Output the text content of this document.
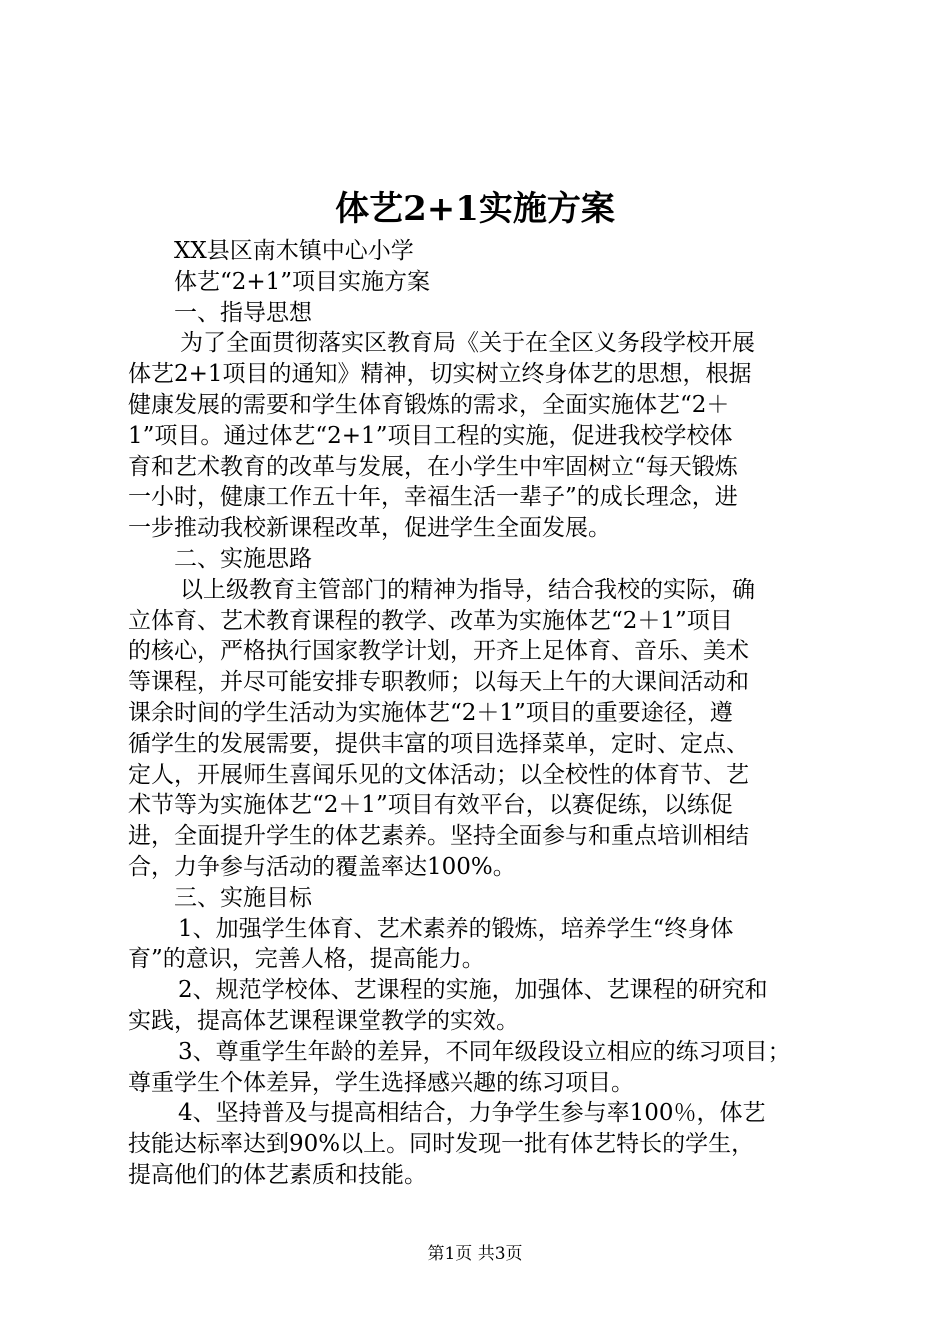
体艺2+1实施方案
XX县区南木镇中心小学
体艺“2+1”项目实施方案
一、指导思想
为了全面贯彻落实区教育局《关于在全区义务段学校开展
体艺2+1项目的通知》精神，切实树立终身体艺的思想，根据
健康发展的需要和学生体育锻炼的需求，全面实施体艺“2＋
1”项目。通过体艺“2+1”项目工程的实施，促进我校学校体
育和艺术教育的改革与发展，在小学生中牢固树立“每天锻炼
一小时，健康工作五十年，幸福生活一辈子”的成长理念，进
一步推动我校新课程改革，促进学生全面发展。
二、实施思路
以上级教育主管部门的精神为指导，结合我校的实际，确
立体育、艺术教育课程的教学、改革为实施体艺“2＋1”项目
的核心，严格执行国家教学计划，开齐上足体育、音乐、美术
等课程，并尽可能安排专职教师；以每天上午的大课间活动和
课余时间的学生活动为实施体艺“2＋1”项目的重要途径，遵
循学生的发展需要，提供丰富的项目选择菜单，定时、定点、
定人，开展师生喜闻乐见的文体活动；以全校性的体育节、艺
术节等为实施体艺“2＋1”项目有效平台，以赛促练，以练促
进，全面提升学生的体艺素养。坚持全面参与和重点培训相结
合，力争参与活动的覆盖率达100%。
三、实施目标
1、加强学生体育、艺术素养的锻炼，培养学生“终身体
育”的意识，完善人格，提高能力。
2、规范学校体、艺课程的实施，加强体、艺课程的研究和
实践，提高体艺课程课堂教学的实效。
3、尊重学生年龄的差异，不同年级段设立相应的练习项目；
尊重学生个体差异，学生选择感兴趣的练习项目。
4、坚持普及与提高相结合，力争学生参与率100％，体艺
技能达标率达到90%以上。同时发现一批有体艺特长的学生，
提高他们的体艺素质和技能。
第1页 共3页
